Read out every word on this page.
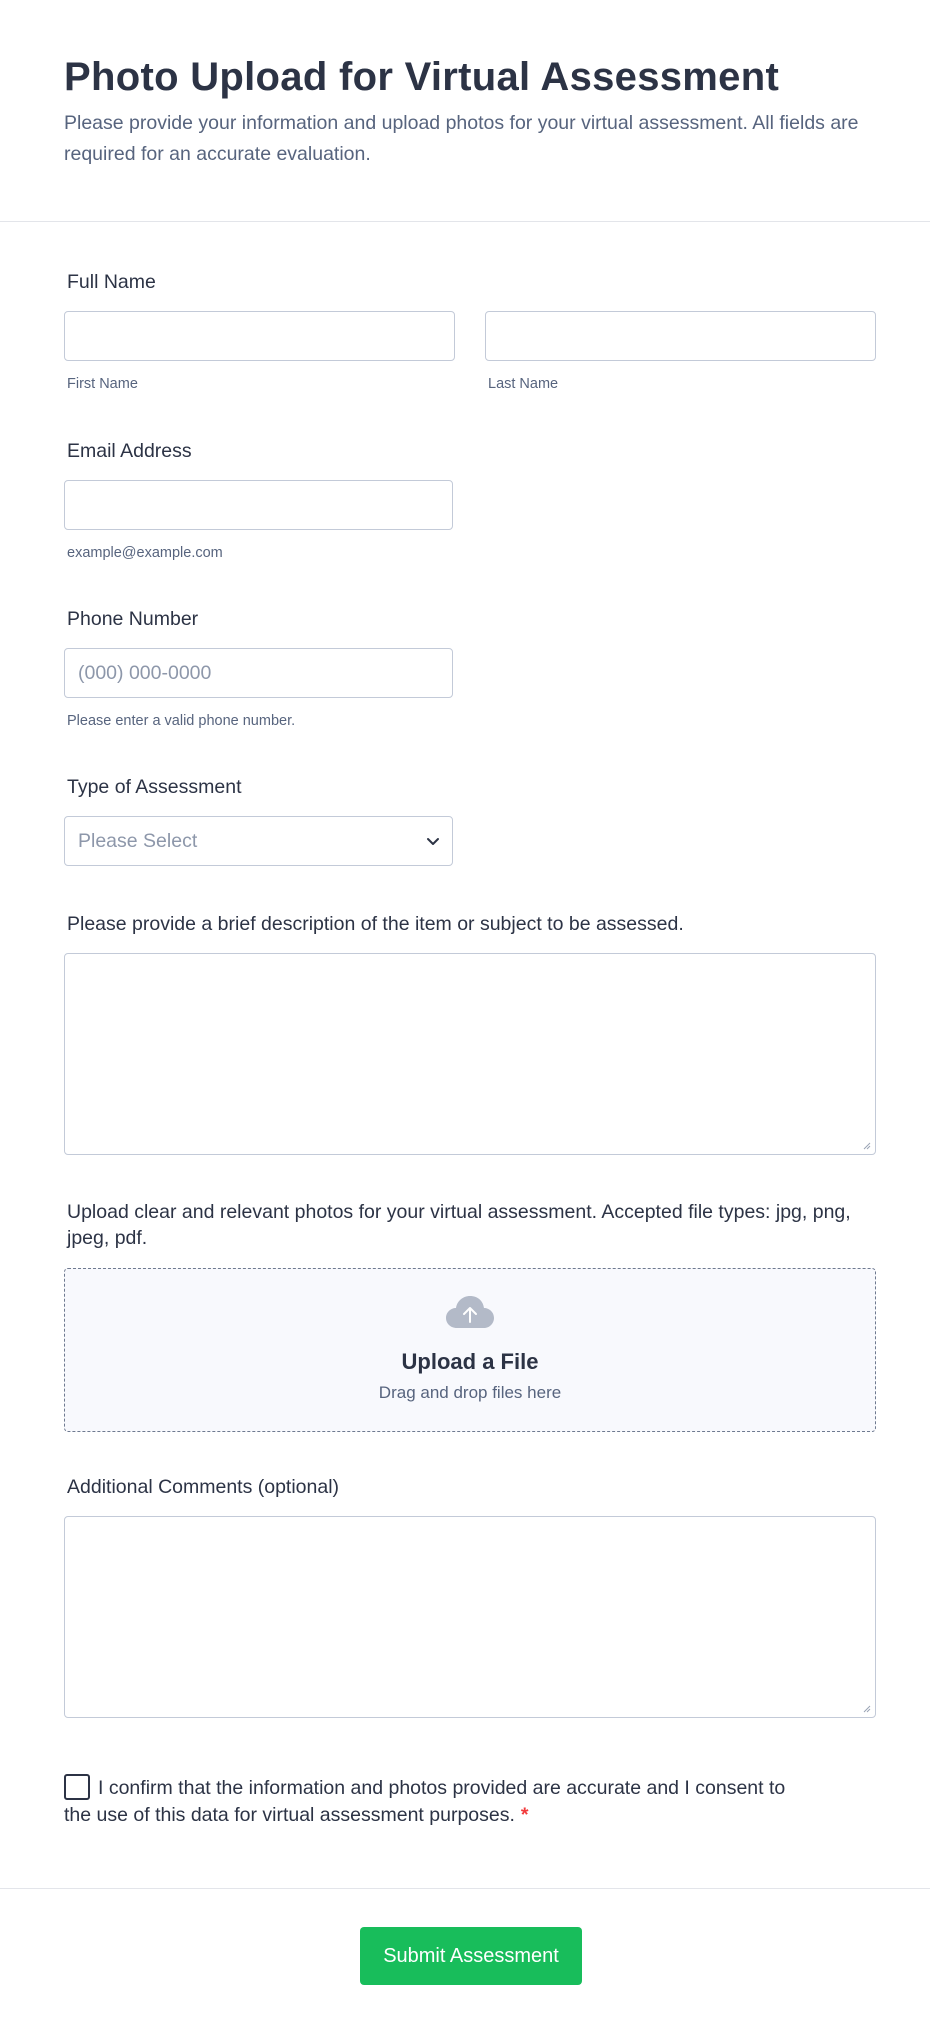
Photo Upload for Virtual Assessment

Please provide your information and upload photos for your virtual assessment. All fields are required for an accurate evaluation.

Full Name
First Name	Last Name
Email Address
example@example.com
Phone Number
(000) 000-0000
Please enter a valid phone number.
Type of Assessment
Please Select
Please provide a brief description of the item or subject to be assessed.
Upload clear and relevant photos for your virtual assessment. Accepted file types: jpg, png, jpeg, pdf.
Upload a File
Drag and drop files here
Additional Comments (optional)
I confirm that the information and photos provided are accurate and I consent to the use of this data for virtual assessment purposes. *
Submit Assessment
